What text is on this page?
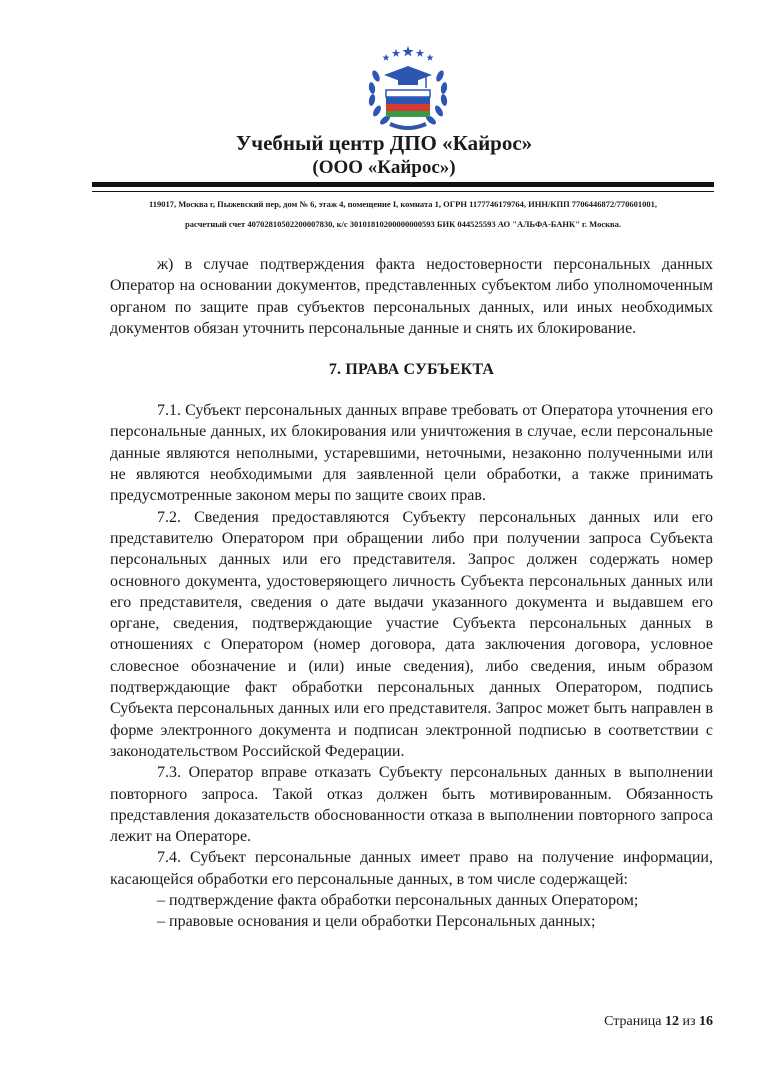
Учебный центр ДПО «Кайрос»
(ООО «Кайрос»)
119017, Москва г, Пыжевский пер, дом № 6, этаж 4, помещение I, комната 1, ОГРН 1177746179764, ИНН/КПП 7706446872/770601001,
расчетный счет 40702810502200007830, к/с 30101810200000000593 БИК 044525593 АО "АЛЬФА-БАНК" г. Москва.

ж) в случае подтверждения факта недостоверности персональных данных Оператор на основании документов, представленных субъектом либо уполномоченным органом по защите прав субъектов персональных данных, или иных необходимых документов обязан уточнить персональные данные и снять их блокирование.

7. ПРАВА СУБЪЕКТА

7.1. Субъект персональных данных вправе требовать от Оператора уточнения его персональные данных, их блокирования или уничтожения в случае, если персональные данные являются неполными, устаревшими, неточными, незаконно полученными или не являются необходимыми для заявленной цели обработки, а также принимать предусмотренные законом меры по защите своих прав.

7.2. Сведения предоставляются Субъекту персональных данных или его представителю Оператором при обращении либо при получении запроса Субъекта персональных данных или его представителя. Запрос должен содержать номер основного документа, удостоверяющего личность Субъекта персональных данных или его представителя, сведения о дате выдачи указанного документа и выдавшем его органе, сведения, подтверждающие участие Субъекта персональных данных в отношениях с Оператором (номер договора, дата заключения договора, условное словесное обозначение и (или) иные сведения), либо сведения, иным образом подтверждающие факт обработки персональных данных Оператором, подпись Субъекта персональных данных или его представителя. Запрос может быть направлен в форме электронного документа и подписан электронной подписью в соответствии с законодательством Российской Федерации.

7.3. Оператор вправе отказать Субъекту персональных данных в выполнении повторного запроса. Такой отказ должен быть мотивированным. Обязанность представления доказательств обоснованности отказа в выполнении повторного запроса лежит на Операторе.

7.4. Субъект персональные данных имеет право на получение информации, касающейся обработки его персональные данных, в том числе содержащей:

– подтверждение факта обработки персональных данных Оператором;

– правовые основания и цели обработки Персональных данных;

Страница 12 из 16
